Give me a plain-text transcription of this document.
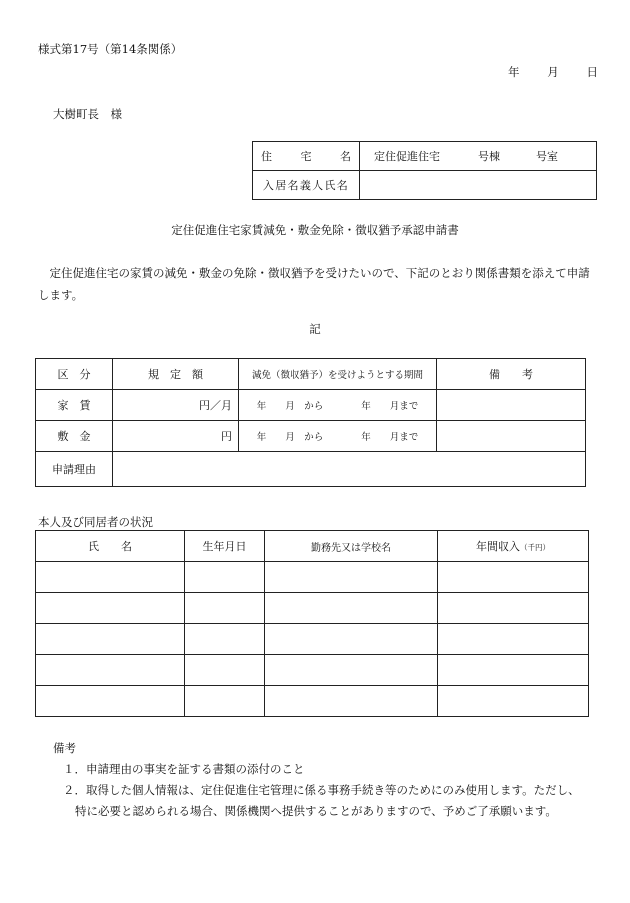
様式第17号（第14条関係）
年 月 日
大樹町長　様
住 宅 名	定住促進住宅 号棟 号室
入居名義人氏名	
定住促進住宅家賃減免・敷金免除・徴収猶予承認申請書
定住促進住宅の家賃の減免・敷金の免除・徴収猶予を受けたいので、下記のとおり関係書類を添えて申請します。
記
区　分	規　定　額	減免（徴収猶予）を受けようとする期間	備　　考
家　賃	円／月	年　　月　から　　　　年　　月まで	
敷　金	円	年　　月　から　　　　年　　月まで	
申請理由			
本人及び同居者の状況
氏　　名	生年月日	勤務先又は学校名	年間収入（千円）

備考

１．申請理由の事実を証する書類の添付のこと

２．取得した個人情報は、定住促進住宅管理に係る事務手続き等のためにのみ使用します。ただし、

特に必要と認められる場合、関係機関へ提供することがありますので、予めご了承願います。
